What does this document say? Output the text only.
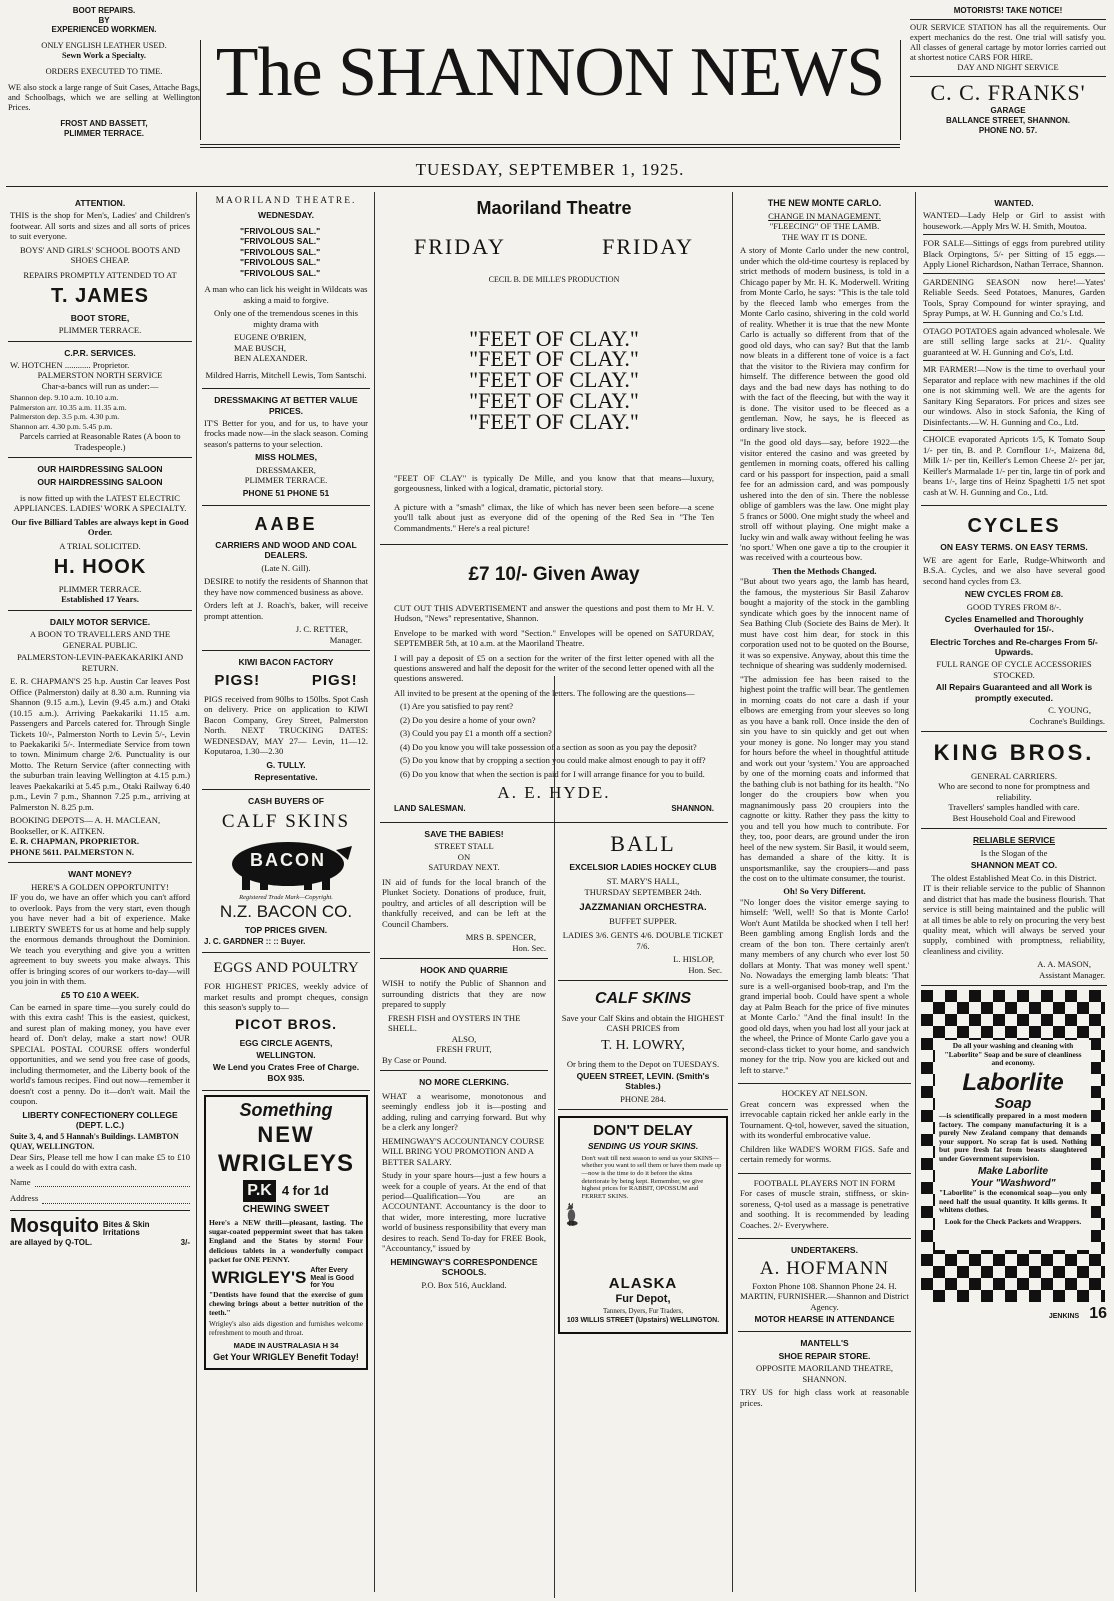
BOOT REPAIRS.
BY
EXPERIENCED WORKMEN.
ONLY ENGLISH LEATHER USED.
Sewn Work a Specialty.
ORDERS EXECUTED TO TIME.

WE also stock a large range of Suit Cases, Attache Bags, and Schoolbags, which we are selling at Wellington Prices.

FROST AND BASSETT,
PLIMMER TERRACE.
The SHANNON NEWS
TUESDAY, SEPTEMBER 1, 1925.
MOTORISTS! TAKE NOTICE!

OUR SERVICE STATION has all the requirements. Our expert mechanics do the rest. One trial will satisfy you. All classes of general cartage by motor lorries carried out at shortest notice CARS FOR HIRE.

DAY AND NIGHT SERVICE
C. C. FRANKS'
GARAGE
BALLANCE STREET, SHANNON.
PHONE NO. 57.
ATTENTION.

THIS is the shop for Men's, Ladies' and Children's footwear. All sorts and sizes and all sorts of prices to suit everyone.

BOYS' AND GIRLS' SCHOOL BOOTS AND SHOES CHEAP.
REPAIRS PROMPTLY ATTENDED TO AT
T. JAMES
BOOT STORE,
PLIMMER TERRACE.
C.P.R. SERVICES.
W. HOTCHEN ............ Proprietor.
PALMERSTON NORTH SERVICE
Char-a-bancs will run as under:—
Shannon dep. 9.10 a.m. 10.10 a.m.
Palmerston arr. 10.35 a.m. 11.35 a.m.
Palmerston dep. 3.5 p.m. 4.30 p.m.
Shannon arr. 4.30 p.m. 5.45 p.m.
Parcels carried at Reasonable Rates (A boon to Tradespeople.)
OUR HAIRDRESSING SALOON
OUR HAIRDRESSING SALOON

is now fitted up with the LATEST ELECTRIC APPLIANCES. LADIES' WORK A SPECIALTY.

Our five Billiard Tables are always kept in Good Order.
A TRIAL SOLICITED.
H. HOOK
PLIMMER TERRACE.
Established 17 Years.
DAILY MOTOR SERVICE.
A BOON TO TRAVELLERS AND THE GENERAL PUBLIC.
PALMERSTON-LEVIN-PAEKAKARIKI AND RETURN.

E. R. CHAPMAN'S 25 h.p. Austin Car leaves Post Office (Palmerston) daily at 8.30 a.m. Running via Shannon (9.15 a.m.), Levin (9.45 a.m.) and Otaki (10.15 a.m.). Arriving Paekakariki 11.15 a.m. Passengers and Parcels catered for. Through Single Tickets 10/-, Palmerston North to Levin 5/-, Levin to Paekakariki 5/-. Intermediate Service from town to town. Minimum charge 2/6. Punctuality is our Motto. The Return Service (after connecting with the suburban train leaving Wellington at 4.15 p.m.) leaves Paekakariki at 5.45 p.m., Otaki Railway 6.40 p.m., Levin 7 p.m., Shannon 7.25 p.m., arriving at Palmerston N. 8.25 p.m.

BOOKING DEPOTS— A. H. MACLEAN, Bookseller, or K. AITKEN.
E. R. CHAPMAN, PROPRIETOR.
PHONE 5611. PALMERSTON N.
WANT MONEY?
HERE'S A GOLDEN OPPORTUNITY!

IF you do, we have an offer which you can't afford to overlook. Pays from the very start, even though you have never had a bit of experience. Make LIBERTY SWEETS for us at home and help supply the enormous demands throughout the Dominion. We teach you everything and give you a written agreement to buy sweets you make always. This offer is bringing scores of our workers to-day—will you join in with them.

£5 TO £10 A WEEK.

Can be earned in spare time—you surely could do with this extra cash! This is the easiest, quickest, and surest plan of making money, you have ever heard of. Don't delay, make a start now! OUR SPECIAL POSTAL COURSE offers wonderful opportunities, and we send you free case of goods, including thermometer, and the Liberty book of the world's famous recipes. Find out now—remember it doesn't cost a penny. Do it—don't wait. Mail the coupon.

LIBERTY CONFECTIONERY COLLEGE (DEPT. L.C.)
Suite 3, 4, and 5 Hannah's Buildings. LAMBTON QUAY, WELLINGTON.

Dear Sirs, Please tell me how I can make £5 to £10 a week as I could do with extra cash.

Name
Address
Mosquito Bites & Skin Irritations
are allayed by Q-TOL.	3/-
MAORILAND THEATRE.
WEDNESDAY.
"FRIVOLOUS SAL."
"FRIVOLOUS SAL."
"FRIVOLOUS SAL."
"FRIVOLOUS SAL."
"FRIVOLOUS SAL."

A man who can lick his weight in Wildcats was asking a maid to forgive.

Only one of the tremendous scenes in this mighty drama with

EUGENE O'BRIEN,
MAE BUSCH,
BEN ALEXANDER.

Mildred Harris, Mitchell Lewis, Tom Santschi.

DRESSMAKING AT BETTER VALUE PRICES.

IT'S Better for you, and for us, to have your frocks made now—in the slack season. Coming season's patterns to your selection.

MISS HOLMES,
DRESSMAKER,
PLIMMER TERRACE.
PHONE 51 PHONE 51
AABE
CARRIERS AND WOOD AND COAL DEALERS.
(Late N. Gill).

DESIRE to notify the residents of Shannon that they have now commenced business as above.

Orders left at J. Roach's, baker, will receive prompt attention.

J. C. RETTER,
Manager.
KIWI BACON FACTORY
PIGS!          PIGS!

PIGS received from 90lbs to 150lbs. Spot Cash on delivery. Price on application to KIWI Bacon Company, Grey Street, Palmerston North. NEXT TRUCKING DATES: WEDNESDAY, MAY 27— Levin, 11—12. Koputaroa, 1.30—2.30

G. TULLY.
Representative.
CASH BUYERS OF
CALF SKINS
BACON
Registered Trade Mark—Copyright.
N.Z. BACON CO.
TOP PRICES GIVEN.
J. C. GARDNER :: :: Buyer.
EGGS AND POULTRY

FOR HIGHEST PRICES, weekly advice of market results and prompt cheques, consign this season's supply to—

PICOT BROS.
EGG CIRCLE AGENTS,
WELLINGTON.
We Lend you Crates Free of Charge. BOX 935.
Something
NEW
WRIGLEYS
P.K 4 for 1d
CHEWING SWEET

Here's a NEW thrill—pleasant, lasting. The sugar-coated peppermint sweet that has taken England and the States by storm! Four delicious tablets in a wonderfully compact packet for ONE PENNY.

WRIGLEY'S After Every Meal is Good for You

"Dentists have found that the exercise of gum chewing brings about a better nutrition of the teeth."

Wrigley's also aids digestion and furnishes welcome refreshment to mouth and throat.

MADE IN AUSTRALASIA H 34
Get Your WRIGLEY Benefit Today!
Maoriland Theatre
FRIDAY	FRIDAY
CECIL B. DE MILLE'S PRODUCTION
"FEET OF CLAY."
"FEET OF CLAY."
"FEET OF CLAY."
"FEET OF CLAY."
"FEET OF CLAY."

"FEET OF CLAY" is typically De Mille, and you know that that means—luxury, gorgeousness, linked with a logical, dramatic, pictorial story.

A picture with a "smash" climax, the like of which has never been seen before—a scene you'll talk about just as everyone did of the opening of the Red Sea in "The Ten Commandments." Here's a real picture!

£7 10/- Given Away

CUT OUT THIS ADVERTISEMENT and answer the questions and post them to Mr H. V. Hudson, "News" representative, Shannon.

Envelope to be marked with word "Section." Envelopes will be opened on SATURDAY, SEPTEMBER 5th, at 10 a.m. at the Maoriland Theatre.

I will pay a deposit of £5 on a section for the writer of the first letter opened with all the questions answered and half the deposit for the writer of the second letter opened with all the questions answered.

All invited to be present at the opening of the letters. The following are the questions—

(1) Are you satisfied to pay rent?
(2) Do you desire a home of your own?
(3) Could you pay £1 a month off a section?
(4) Do you know you will take possession of a section as soon as you pay the deposit?
(5) Do you know that by cropping a section you could make almost enough to pay it off?
(6) Do you know that when the section is paid for I will arrange finance for you to build.
A. E. HYDE.
LAND SALESMAN.	SHANNON.
SAVE THE BABIES!
STREET STALL
ON
SATURDAY NEXT.

IN aid of funds for the local branch of the Plunket Society. Donations of produce, fruit, poultry, and articles of all description will be thankfully received, and can be left at the Council Chambers.

MRS B. SPENCER,
Hon. Sec.
HOOK AND QUARRIE

WISH to notify the Public of Shannon and surrounding districts that they are now prepared to supply

FRESH FISH and OYSTERS IN THE SHELL.
ALSO,
FRESH FRUIT,
By Case or Pound.
NO MORE CLERKING.

WHAT a wearisome, monotonous and seemingly endless job it is—posting and adding, ruling and carrying forward. But why be a clerk any longer?

HEMINGWAY'S ACCOUNTANCY COURSE WILL BRING YOU PROMOTION AND A BETTER SALARY.

Study in your spare hours—just a few hours a week for a couple of years. At the end of that period—Qualification—You are an ACCOUNTANT. Accountancy is the door to that wider, more interesting, more lucrative world of business responsibility that every man desires to reach. Send To-day for FREE Book, "Accountancy," issued by

HEMINGWAY'S CORRESPONDENCE SCHOOLS.
P.O. Box 516, Auckland.
BALL
EXCELSIOR LADIES HOCKEY CLUB
ST. MARY'S HALL,
THURSDAY SEPTEMBER 24th.
JAZZMANIAN ORCHESTRA.
BUFFET SUPPER.
LADIES 3/6. GENTS 4/6. DOUBLE TICKET 7/6.
L. HISLOP,
Hon. Sec.
CALF SKINS
Save your Calf Skins and obtain the HIGHEST CASH PRICES from
T. H. LOWRY,
Or bring them to the Depot on TUESDAYS.
QUEEN STREET, LEVIN. (Smith's Stables.)
PHONE 284.
DON'T DELAY
SENDING US YOUR SKINS.

Don't wait till next season to send us your SKINS—whether you want to sell them or have them made up—now is the time to do it before the skins deteriorate by being kept. Remember, we give highest prices for RABBIT, OPOSSUM and FERRET SKINS.

ALASKA
Fur Depot,
Tanners, Dyers, Fur Traders,
103 WILLIS STREET (Upstairs) WELLINGTON.
THE NEW MONTE CARLO.
CHANGE IN MANAGEMENT.
"FLEECING" OF THE LAMB.
THE WAY IT IS DONE.

A story of Monte Carlo under the new control, under which the old-time courtesy is replaced by strict methods of modern business, is told in a Chicago paper by Mr. H. K. Moderwell. Writing from Monte Carlo, he says: "This is the tale told by the fleeced lamb who emerges from the Monte Carlo casino, shivering in the cold world of reality. Whether it is true that the new Monte Carlo is actually so different from that of the good old days, who can say? But that the lamb now bleats in a different tone of voice is a fact that the visitor to the Riviera may confirm for himself. The difference between the good old days and the bad new days has nothing to do with the fact of the fleecing, but with the way it is done. The visitor used to be fleeced as a gentleman. Now, he says, he is fleeced as ordinary live stock.

"In the good old days—say, before 1922—the visitor entered the casino and was greeted by gentlemen in morning coats, offered his calling card or his passport for inspection, paid a small fee for an admission card, and was pompously ushered into the den of sin. There the noblesse oblige of gamblers was the law. One might play 5 francs or 5000. One might study the wheel and stroll off without playing. One might make a lucky win and walk away without feeling he was 'no sport.' When one gave a tip to the croupier it was received with a courteous bow.

Then the Methods Changed.

"But about two years ago, the lamb has heard, the famous, the mysterious Sir Basil Zaharov bought a majority of the stock in the gambling syndicate which goes by the innocent name of Sea Bathing Club (Societe des Bains de Mer). It must have cost him dear, for stock in this corporation used not to be quoted on the Bourse, it was so expensive. Anyway, about this time the technique of shearing was suddenly modernised.

"The admission fee has been raised to the highest point the traffic will bear. The gentlemen in morning coats do not care a dash if your elbows are emerging from your sleeves so long as you have a bank roll. Once inside the den of sin you have to sin quickly and get out when your money is gone. No longer may you stand for hours before the wheel in thoughtful attitude and work out your 'system.' You are approached by one of the morning coats and informed that the bathing club is not bathing for its health. "No longer do the croupiers bow when you magnanimously pass 20 croupiers into the cagnotte or kitty. Rather they pass the kitty to you and tell you how much to contribute. For they, too, poor dears, are ground under the iron heel of the new system. Sir Basil, it would seem, has demanded a share of the kitty. It is unsportsmanlike, say the croupiers—and pass the cost on to the ultimate consumer, the tourist.

Oh! So Very Different.

"No longer does the visitor emerge saying to himself: 'Well, well! So that is Monte Carlo! Won't Aunt Matilda be shocked when I tell her! Been gambling among English lords and the cream of the bon ton. There certainly aren't many members of any church who ever lost 50 dollars at Monty. That was money well spent.' No. Nowadays the emerging lamb bleats: 'That sure is a well-organised boob-trap, and I'm the grand imperial boob. Could have spent a whole day at Palm Beach for the price of five minutes at Monte Carlo.' "And the final insult! In the good old days, when you had lost all your jack at the wheel, the Prince of Monte Carlo gave you a second-class ticket to your home, and sandwich money for the trip. Now you are kicked out and left to starve."

HOCKEY AT NELSON.

Great concern was expressed when the irrevocable captain ricked her ankle early in the Tournament. Q-tol, however, saved the situation, with its wonderful embrocative value.

Children like WADE'S WORM FIGS. Safe and certain remedy for worms.

FOOTBALL PLAYERS NOT IN FORM

For cases of muscle strain, stiffness, or skin-soreness, Q-tol used as a massage is penetrative and soothing. It is recommended by leading Coaches. 2/- Everywhere.

UNDERTAKERS.
A. HOFMANN
Foxton Phone 108. Shannon Phone 24. H. MARTIN, FURNISHER.—Shannon and District Agency.
MOTOR HEARSE IN ATTENDANCE
MANTELL'S
SHOE REPAIR STORE.
OPPOSITE MAORILAND THEATRE, SHANNON.

TRY US for high class work at reasonable prices.

WANTED.

WANTED—Lady Help or Girl to assist with housework.—Apply Mrs W. H. Smith, Moutoa.

FOR SALE—Sittings of eggs from purebred utility Black Orpingtons, 5/- per Sitting of 15 eggs.—Apply Lionel Richardson, Nathan Terrace, Shannon.

GARDENING SEASON now here!—Yates' Reliable Seeds. Seed Potatoes, Manures, Garden Tools, Spray Compound for winter spraying, and Spray Pumps, at W. H. Gunning and Co.'s Ltd.

OTAGO POTATOES again advanced wholesale. We are still selling large sacks at 21/-. Quality guaranteed at W. H. Gunning and Co's, Ltd.

MR FARMER!—Now is the time to overhaul your Separator and replace with new machines if the old one is not skimming well. We are the agents for Sanitary King Separators. For prices and sizes see our windows. Also in stock Safonia, the King of Disinfectants.—W. H. Gunning and Co., Ltd.

CHOICE evaporated Apricots 1/5, K Tomato Soup 1/- per tin, B. and P. Cornflour 1/-, Maizena 8d, Milk 1/- per tin, Keiller's Lemon Cheese 2/- per jar, Keiller's Marmalade 1/- per tin, large tin of pork and beans 1/-, large tins of Heinz Spaghetti 1/5 net spot cash at W. H. Gunning and Co., Ltd.

CYCLES
ON EASY TERMS. ON EASY TERMS.

WE are agent for Earle, Rudge-Whitworth and B.S.A. Cycles, and we also have several good second hand cycles from £3.

NEW CYCLES FROM £8.
GOOD TYRES FROM 8/-.
Cycles Enamelled and Thoroughly Overhauled for 15/-.
Electric Torches and Re-charges From 5/- Upwards.
FULL RANGE OF CYCLE ACCESSORIES STOCKED.
All Repairs Guaranteed and all Work is promptly executed.
C. YOUNG,
Cochrane's Buildings.
KING BROS.
GENERAL CARRIERS.
Who are second to none for promptness and reliability.
Travellers' samples handled with care.
Best Household Coal and Firewood
RELIABLE SERVICE
Is the Slogan of the
SHANNON MEAT CO.
The oldest Established Meat Co. in this District.

IT is their reliable service to the public of Shannon and district that has made the business flourish. That service is still being maintained and the public will at all times be able to rely on procuring the very best quality meat, which will always be served your supply, combined with promptness, reliability, cleanliness and civility.

A. A. MASON,
Assistant Manager.

Do all your washing and cleaning with "Laborlite" Soap and be sure of cleanliness and economy.

Laborlite
Soap

—is scientifically prepared in a most modern factory. The company manufacturing it is a purely New Zealand company that demands your support. No scrap fat is used. Nothing but pure fresh fat from beasts slaughtered under Government supervision.

Make Laborlite
Your "Washword"

"Laborlite" is the economical soap—you only need half the usual quantity. It kills germs. It whitens clothes.

Look for the Check Packets and Wrappers.
JENKINS 16
